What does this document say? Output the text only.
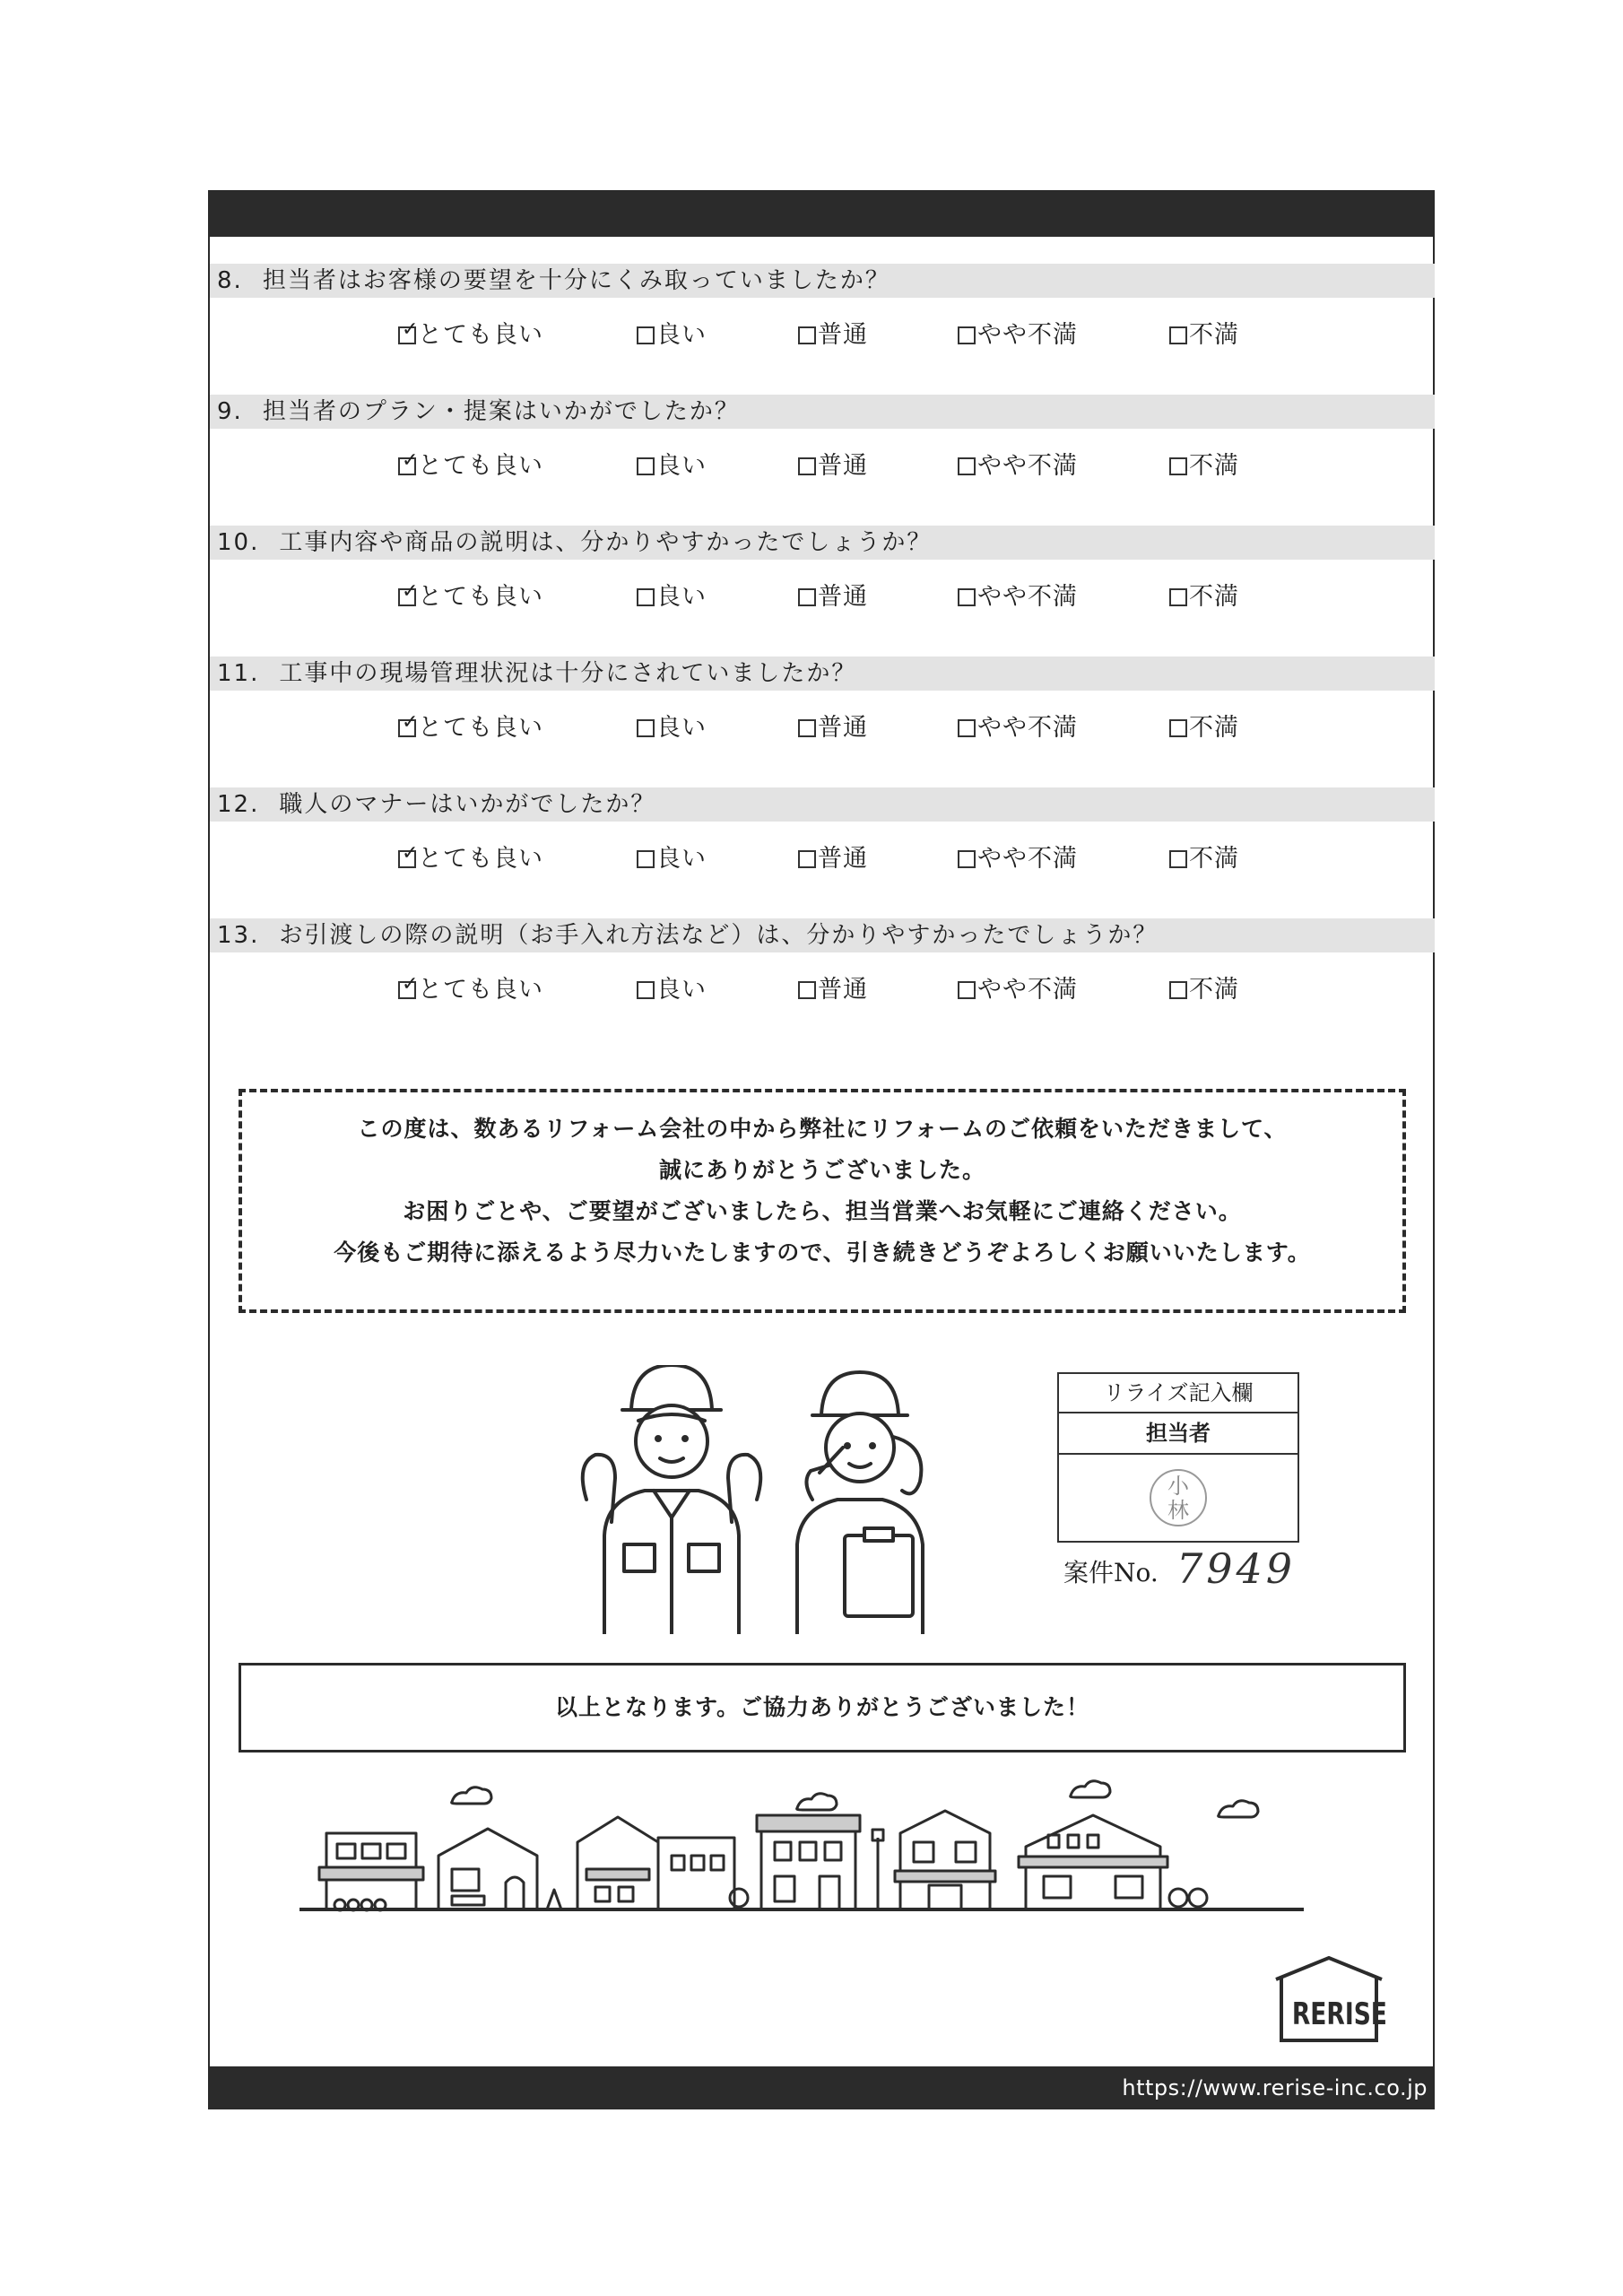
8. 担当者はお客様の要望を十分にくみ取っていましたか？
✓
とても良い	良い	普通	やや不満	不満
9. 担当者のプラン・提案はいかがでしたか？
✓
とても良い	良い	普通	やや不満	不満
10. 工事内容や商品の説明は、分かりやすかったでしょうか？
✓
とても良い	良い	普通	やや不満	不満
11. 工事中の現場管理状況は十分にされていましたか？
✓
とても良い	良い	普通	やや不満	不満
12. 職人のマナーはいかがでしたか？
✓
とても良い	良い	普通	やや不満	不満
13. お引渡しの際の説明（お手入れ方法など）は、分かりやすかったでしょうか？
✓
とても良い	良い	普通	やや不満	不満
この度は、数あるリフォーム会社の中から弊社にリフォームのご依頼をいただきまして、
誠にありがとうございました。
お困りごとや、ご要望がございましたら、担当営業へお気軽にご連絡ください。
今後もご期待に添えるよう尽力いたしますので、引き続きどうぞよろしくお願いいたします。
リライズ記入欄
担当者
小
林
案件No. 7949
以上となります。ご協力ありがとうございました！
RERISE
https://www.rerise-inc.co.jp
